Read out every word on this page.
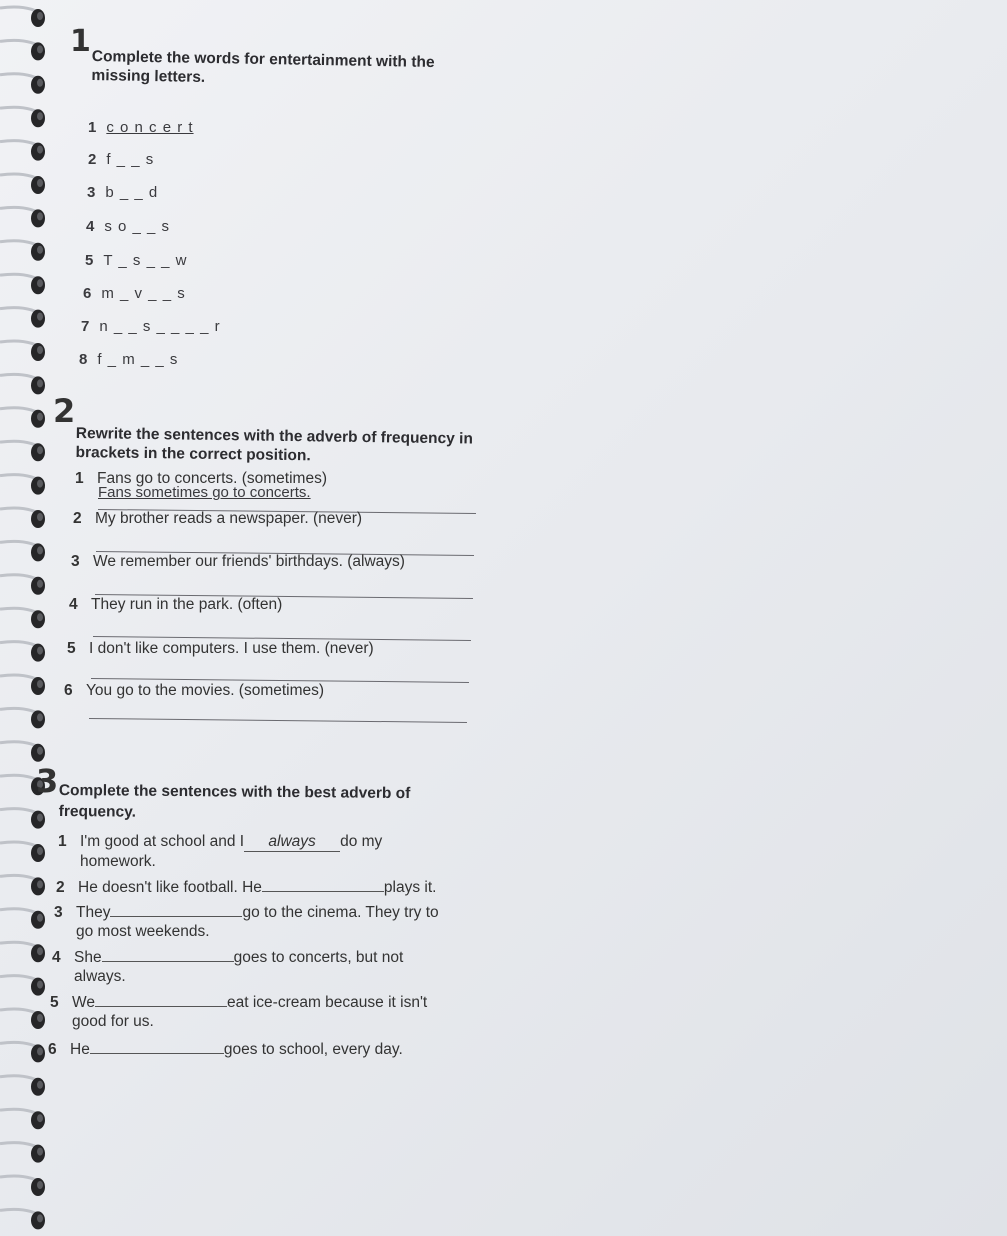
1
Complete the words for entertainment with the missing letters.
1 c o n c e r t
2 f _ _ s
3 b _ _ d
4 s o _ _ s
5 T _ s _ _ w
6 m _ v _ _ s
7 n _ _ s _ _ _ _ r
8 f _ m _ _ s
2
Rewrite the sentences with the adverb of frequency in brackets in the correct position.
1 Fans go to concerts. (sometimes)
Fans sometimes go to concerts.
2 My brother reads a newspaper. (never)
3 We remember our friends' birthdays. (always)
4 They run in the park. (often)
5 I don't like computers. I use them. (never)
6 You go to the movies. (sometimes)
3 Complete the sentences with the best adverb of frequency.
1 I'm good at school and I always do my
homework.
2 He doesn't like football. He	plays it.
3 They	go to the cinema. They try to
go most weekends.
4 She	goes to concerts, but not
always.
5 We	eat ice-cream because it isn't
good for us.
6 He	goes to school, every day.
